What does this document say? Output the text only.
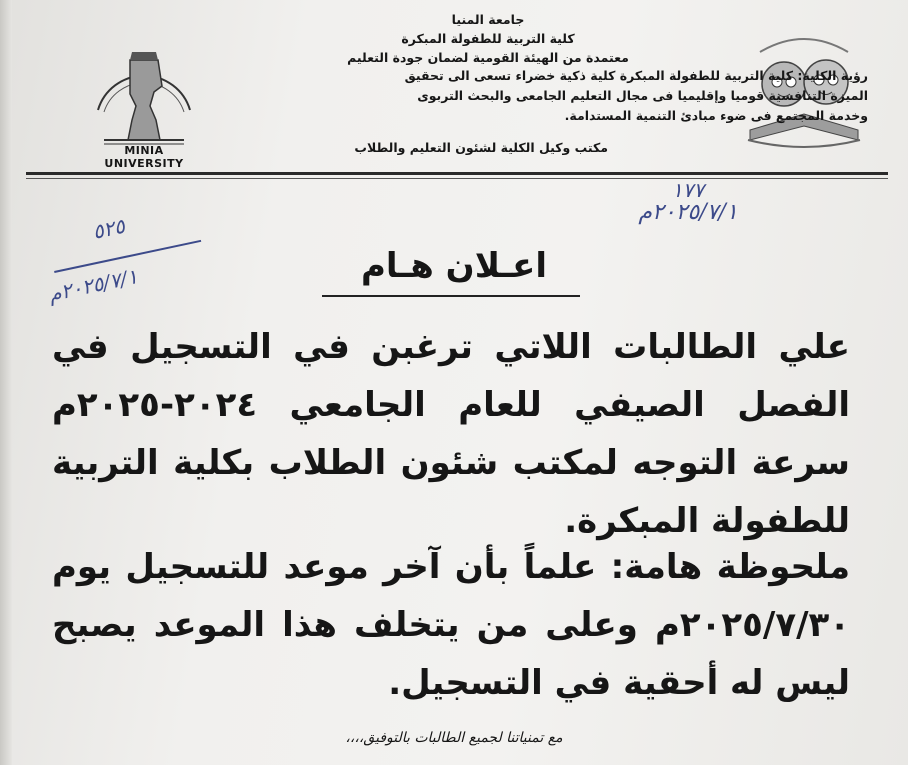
MINIA UNIVERSITY
جامعة المنيا
كلية التربية للطفولة المبكرة
معتمدة من الهيئة القومية لضمان جودة التعليم
رؤية الكلية: كلية التربية للطفولة المبكرة كلية ذكية خضراء تسعى الى تحقيق
الميزة التنافسية قوميا وإقليميا فى مجال التعليم الجامعى والبحث التربوى
وخدمة المجتمع فى ضوء مبادئ التنمية المستدامة.
مكتب وكيل الكلية لشئون التعليم والطلاب
١٧٧
٢٠٢٥/٧/١م
٥٢٥
٢٠٢٥/٧/١م	اعـلان هـام

علي الطالبات اللاتي ترغبن في التسجيل في الفصل الصيفي للعام الجامعي ٢٠٢٤-٢٠٢٥م سرعة التوجه لمكتب شئون الطلاب بكلية التربية للطفولة المبكرة.

ملحوظة هامة: علماً بأن آخر موعد للتسجيل يوم ٢٠٢٥/٧/٣٠م وعلى من يتخلف هذا الموعد يصبح ليس له أحقية في التسجيل.

مع تمنياتنا لجميع الطالبات بالتوفيق،،،،
